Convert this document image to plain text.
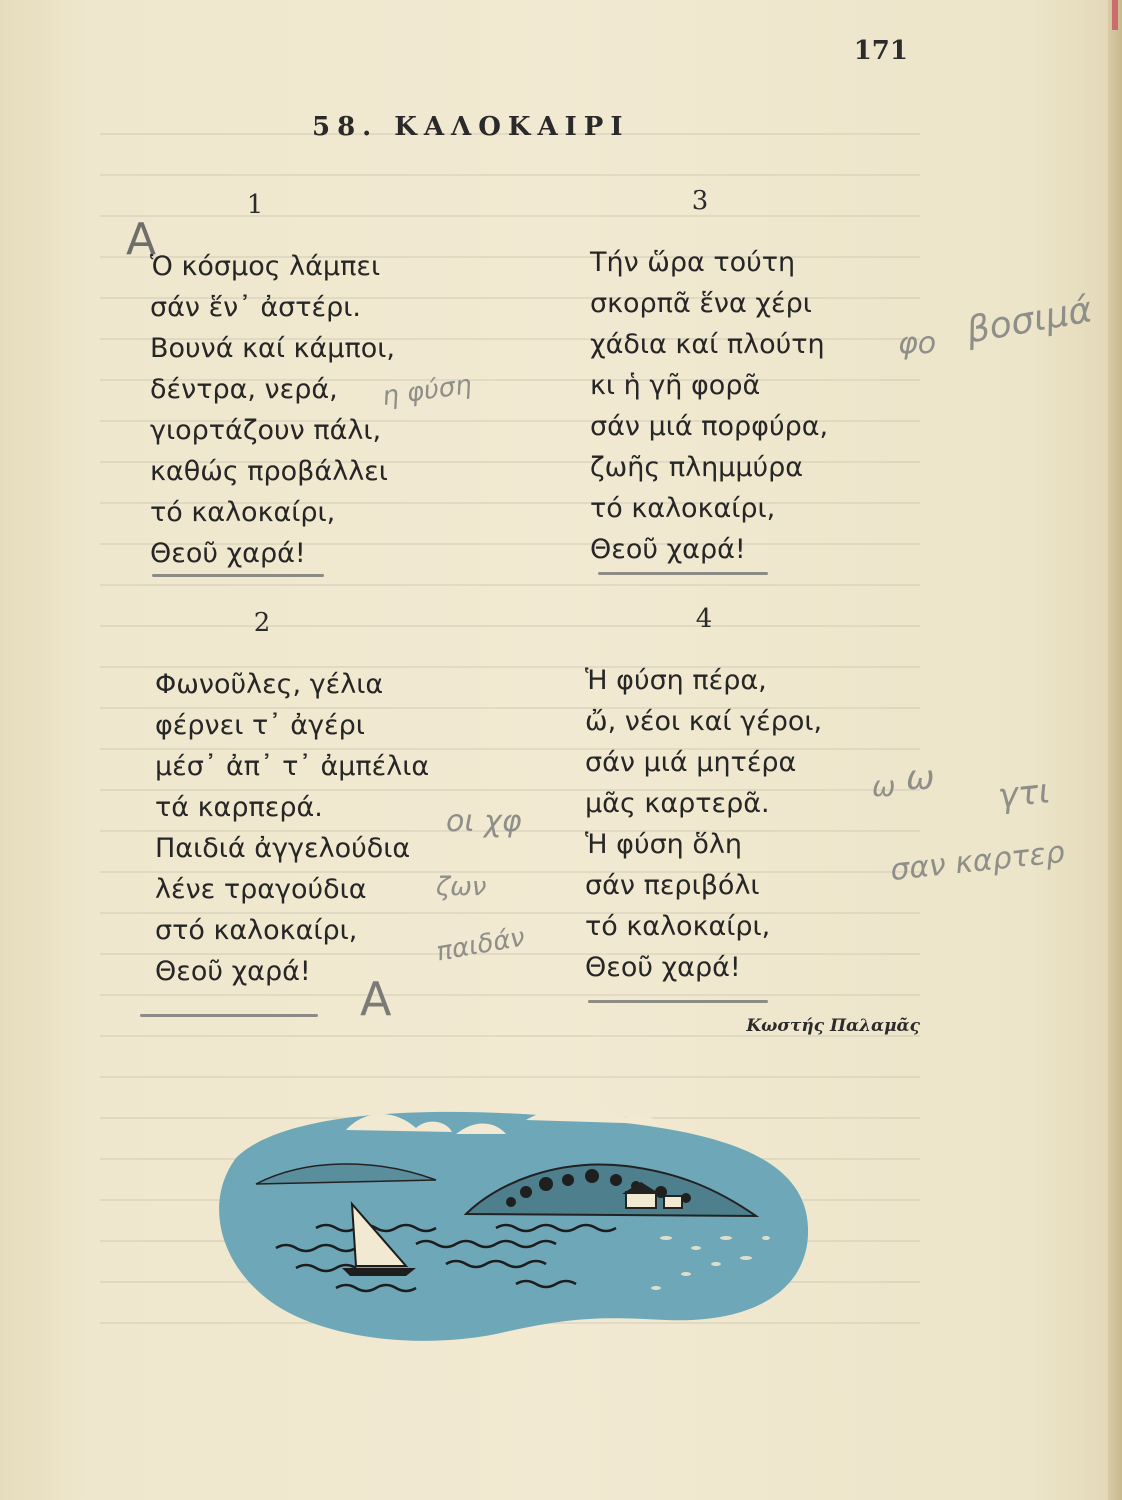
171
58. ΚΑΛΟΚΑΙΡΙ
1
Ὁ κόσμος λάμπει
σάν ἕν᾽ ἀστέρι.
Βουνά καί κάμποι,
δέντρα, νερά,
γιορτάζουν πάλι,
καθώς προβάλλει
τό καλοκαίρι,
Θεοῦ χαρά!
2
Φωνοῦλες, γέλια
φέρνει τ᾽ ἀγέρι
μέσ᾽ ἀπ᾽ τ᾽ ἀμπέλια
τά καρπερά.
Παιδιά ἀγγελούδια
λένε τραγούδια
στό καλοκαίρι,
Θεοῦ χαρά!
3
Τήν ὥρα τούτη
σκορπᾶ ἕνα χέρι
χάδια καί πλούτη
κι ἡ γῆ φορᾶ
σάν μιά πορφύρα,
ζωῆς πλημμύρα
τό καλοκαίρι,
Θεοῦ χαρά!
4
Ἡ φύση πέρα,
ὤ, νέοι καί γέροι,
σάν μιά μητέρα
μᾶς καρτερᾶ.
Ἡ φύση ὅλη
σάν περιβόλι
τό καλοκαίρι,
Θεοῦ χαρά!
Κωστής Παλαμᾶς
Α
Α
η φύση
οι χφ
ζων
παιδάν
φο βοσιμά
ω
ω	γτι
σαν καρτερ
